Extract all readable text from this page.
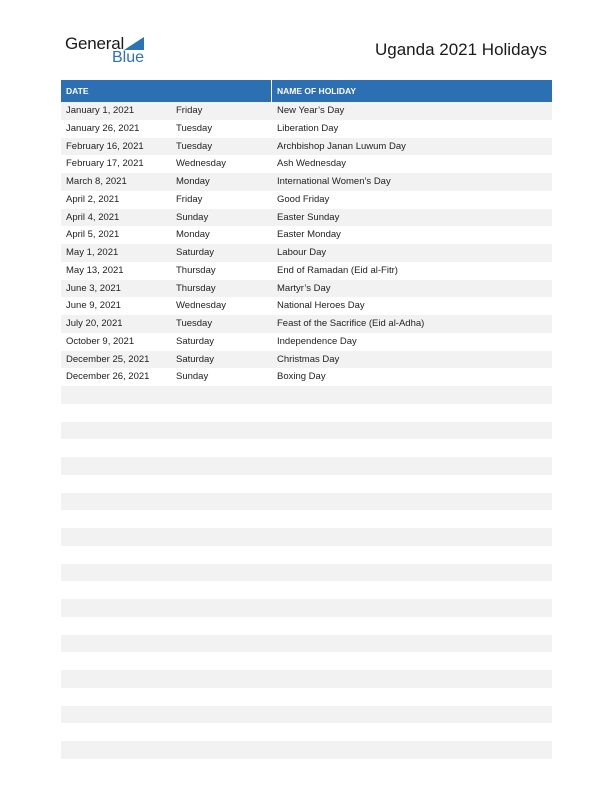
General
Blue	Uganda 2021 Holidays
DATE	NAME OF HOLIDAY
January 1, 2021	Friday	New Year’s Day
January 26, 2021	Tuesday	Liberation Day
February 16, 2021	Tuesday	Archbishop Janan Luwum Day
February 17, 2021	Wednesday	Ash Wednesday
March 8, 2021	Monday	International Women’s Day
April 2, 2021	Friday	Good Friday
April 4, 2021	Sunday	Easter Sunday
April 5, 2021	Monday	Easter Monday
May 1, 2021	Saturday	Labour Day
May 13, 2021	Thursday	End of Ramadan (Eid al-Fitr)
June 3, 2021	Thursday	Martyr’s Day
June 9, 2021	Wednesday	National Heroes Day
July 20, 2021	Tuesday	Feast of the Sacrifice (Eid al-Adha)
October 9, 2021	Saturday	Independence Day
December 25, 2021	Saturday	Christmas Day
December 26, 2021	Sunday	Boxing Day
